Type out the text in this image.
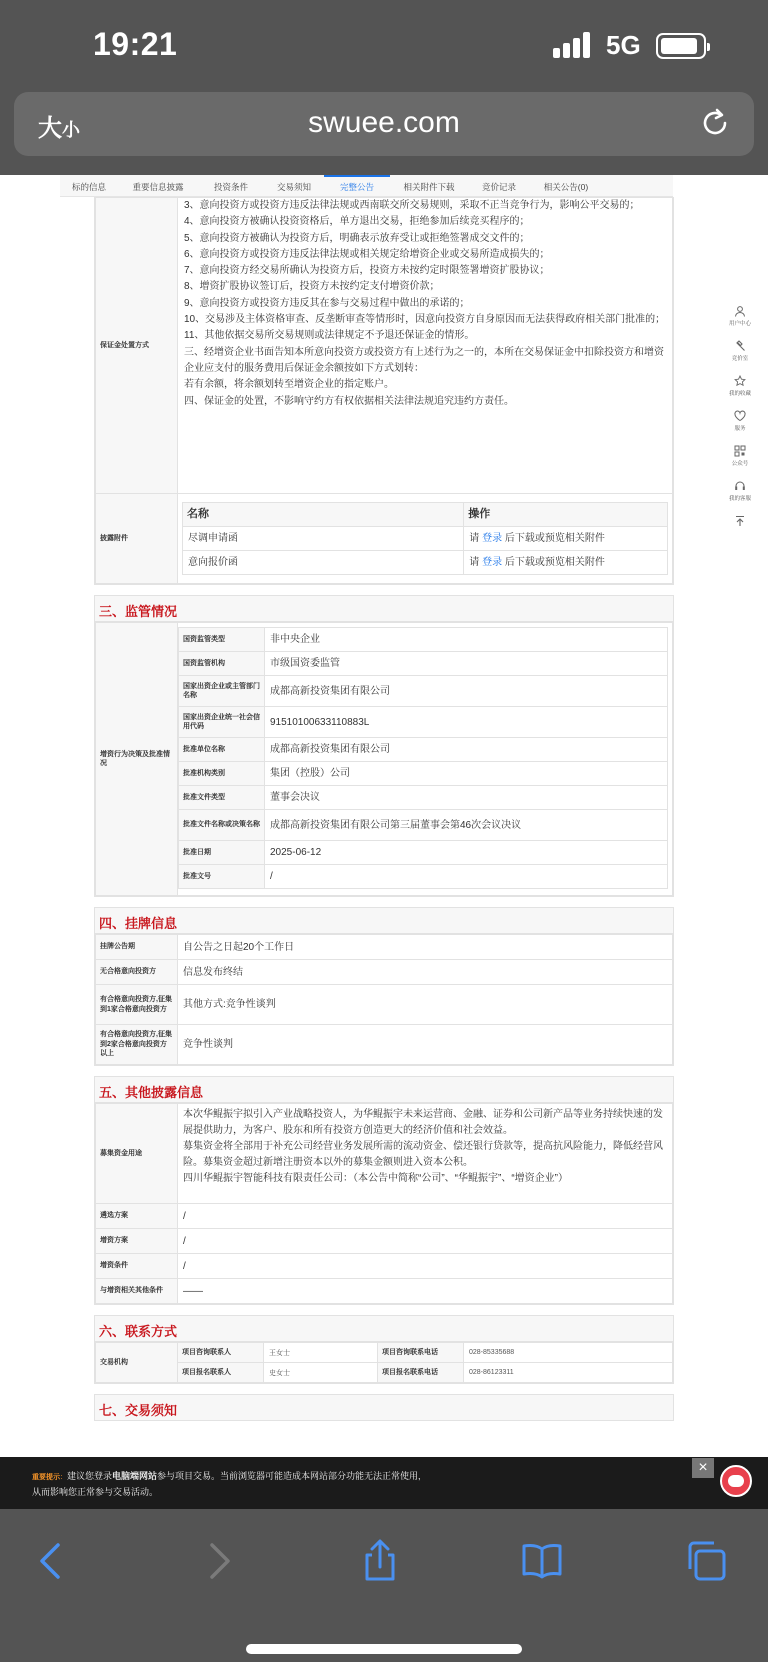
19:21	5G
大小	swuee.com
标的信息	重要信息披露	投资条件	交易须知	完整公告	相关附件下载	竞价记录	相关公告(0)
保证金处置方式	

3、意向投资方或投资方违反法律法规或西南联交所交易规则，采取不正当竞争行为，影响公平交易的；

4、意向投资方被确认投资资格后，单方退出交易，拒绝参加后续竞买程序的；

5、意向投资方被确认为投资方后，明确表示放弃受让或拒绝签署成交文件的；

6、意向投资方或投资方违反法律法规或相关规定给增资企业或交易所造成损失的；

7、意向投资方经交易所确认为投资方后，投资方未按约定时限签署增资扩股协议；

8、增资扩股协议签订后，投资方未按约定支付增资价款；

9、意向投资方或投资方违反其在参与交易过程中做出的承诺的；

10、交易涉及主体资格审查、反垄断审查等情形时，因意向投资方自身原因而无法获得政府相关部门批准的；

11、其他依据交易所交易规则或法律规定不予退还保证金的情形。

三、经增资企业书面告知本所意向投资方或投资方有上述行为之一的，本所在交易保证金中扣除投资方和增资企业应支付的服务费用后保证金余额按如下方式划转：

若有余额，将余额划转至增资企业的指定账户。

四、保证金的处置，不影响守约方有权依据相关法律法规追究违约方责任。

披露附件	
名称	操作
尽调申请函	请 登录 后下载或预览相关附件
意向报价函	请 登录 后下载或预览相关附件
三、监管情况
增资行为决策及批准情况	
国资监管类型	非中央企业
国资监管机构	市级国资委监管
国家出资企业或主管部门名称	成都高新投资集团有限公司
国家出资企业统一社会信用代码	91510100633110883L
批准单位名称	成都高新投资集团有限公司
批准机构类别	集团（控股）公司
批准文件类型	董事会决议
批准文件名称或决策名称	成都高新投资集团有限公司第三届董事会第46次会议决议
批准日期	2025-06-12
批准文号	/
四、挂牌信息
挂牌公告期	自公告之日起20个工作日
无合格意向投资方	信息发布终结
有合格意向投资方,征集到1家合格意向投资方	其他方式:竞争性谈判
有合格意向投资方,征集到2家合格意向投资方以上	竞争性谈判
五、其他披露信息
募集资金用途	本次华鲲振宇拟引入产业战略投资人，为华鲲振宇未来运营商、金融、证券和公司新产品等业务持续快速的发展提供助力，为客户、股东和所有投资方创造更大的经济价值和社会效益。

募集资金将全部用于补充公司经营业务发展所需的流动资金、偿还银行贷款等，提高抗风险能力，降低经营风险。募集资金超过新增注册资本以外的募集金额则进入资本公积。

四川华鲲振宇智能科技有限责任公司：（本公告中简称“公司”、“华鲲振宇”、“增资企业”）

遴选方案	/
增资方案	/
增资条件	/
与增资相关其他条件	——
六、联系方式
交易机构	项目咨询联系人	王女士	项目咨询联系电话	028-85335688
	项目报名联系人	史女士	项目报名联系电话	028-86123311
七、交易须知
用户中心
竞价室
我的收藏
服务
公众号
我的客服
重要提示：建议您登录电脑端网站参与项目交易。当前浏览器可能造成本网站部分功能无法正常使用,
从而影响您正常参与交易活动。
×
